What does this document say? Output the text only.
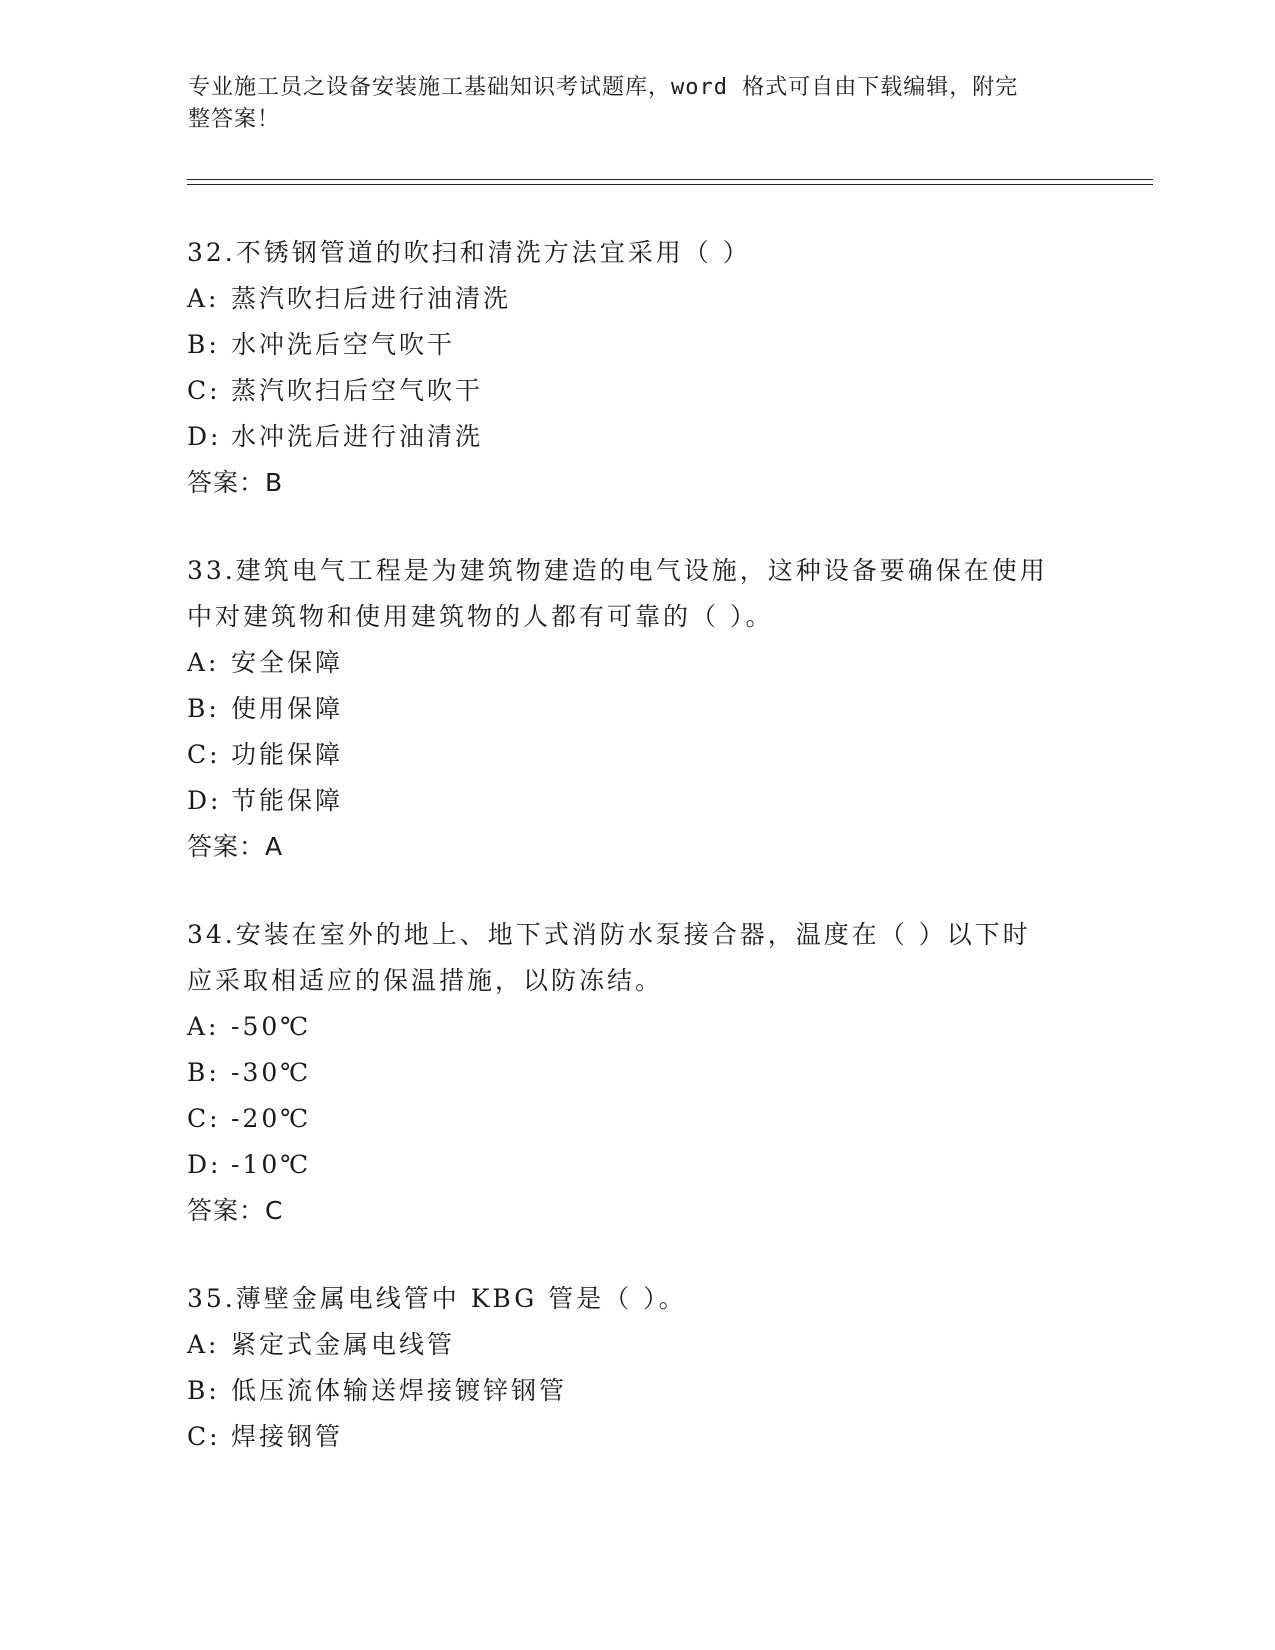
专业施工员之设备安装施工基础知识考试题库，word 格式可自由下载编辑，附完
整答案！
32.不锈钢管道的吹扫和清洗方法宜采用（ ）
A: 蒸汽吹扫后进行油清洗
B: 水冲洗后空气吹干
C: 蒸汽吹扫后空气吹干
D: 水冲洗后进行油清洗
答案：B
33.建筑电气工程是为建筑物建造的电气设施，这种设备要确保在使用
中对建筑物和使用建筑物的人都有可靠的（ ）。
A: 安全保障
B: 使用保障
C: 功能保障
D: 节能保障
答案：A
34.安装在室外的地上、地下式消防水泵接合器，温度在（ ）以下时
应采取相适应的保温措施，以防冻结。
A: -50℃
B: -30℃
C: -20℃
D: -10℃
答案：C
35.薄壁金属电线管中 KBG 管是（ ）。
A: 紧定式金属电线管
B: 低压流体输送焊接镀锌钢管
C: 焊接钢管
